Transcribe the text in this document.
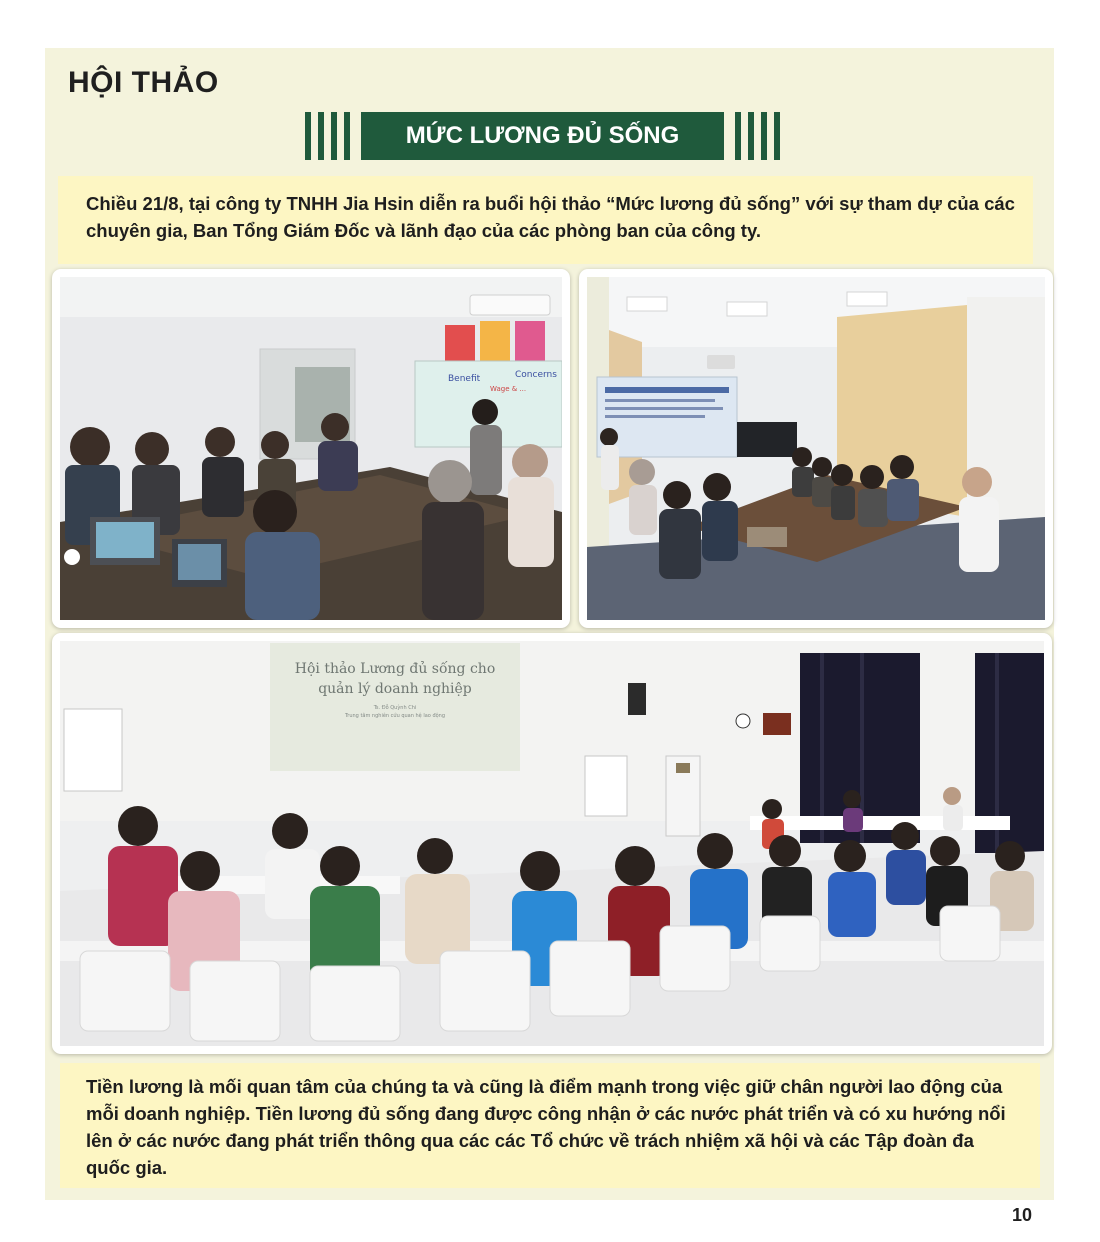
HỘI THẢO
MỨC LƯƠNG ĐỦ SỐNG
Chiều 21/8, tại công ty TNHH Jia Hsin diễn ra buổi hội thảo “Mức lương đủ sống” với sự tham dự của các chuyên gia, Ban Tổng Giám Đốc và lãnh đạo của các phòng ban của công ty.
Benefit	Concerns
Wage & ...
Hội thảo Lương đủ sống cho
quản lý doanh nghiệp
Ts. Đỗ Quỳnh Chi
Trung tâm nghiên cứu quan hệ lao động
Tiền lương là mối quan tâm của chúng ta và cũng là điểm mạnh trong việc giữ chân người lao động của mỗi doanh nghiệp. Tiền lương đủ sống đang được công nhận ở các nước phát triển và có xu hướng nổi lên ở các nước đang phát triển thông qua các các Tổ chức về trách nhiệm xã hội và các Tập đoàn đa quốc gia.
10
